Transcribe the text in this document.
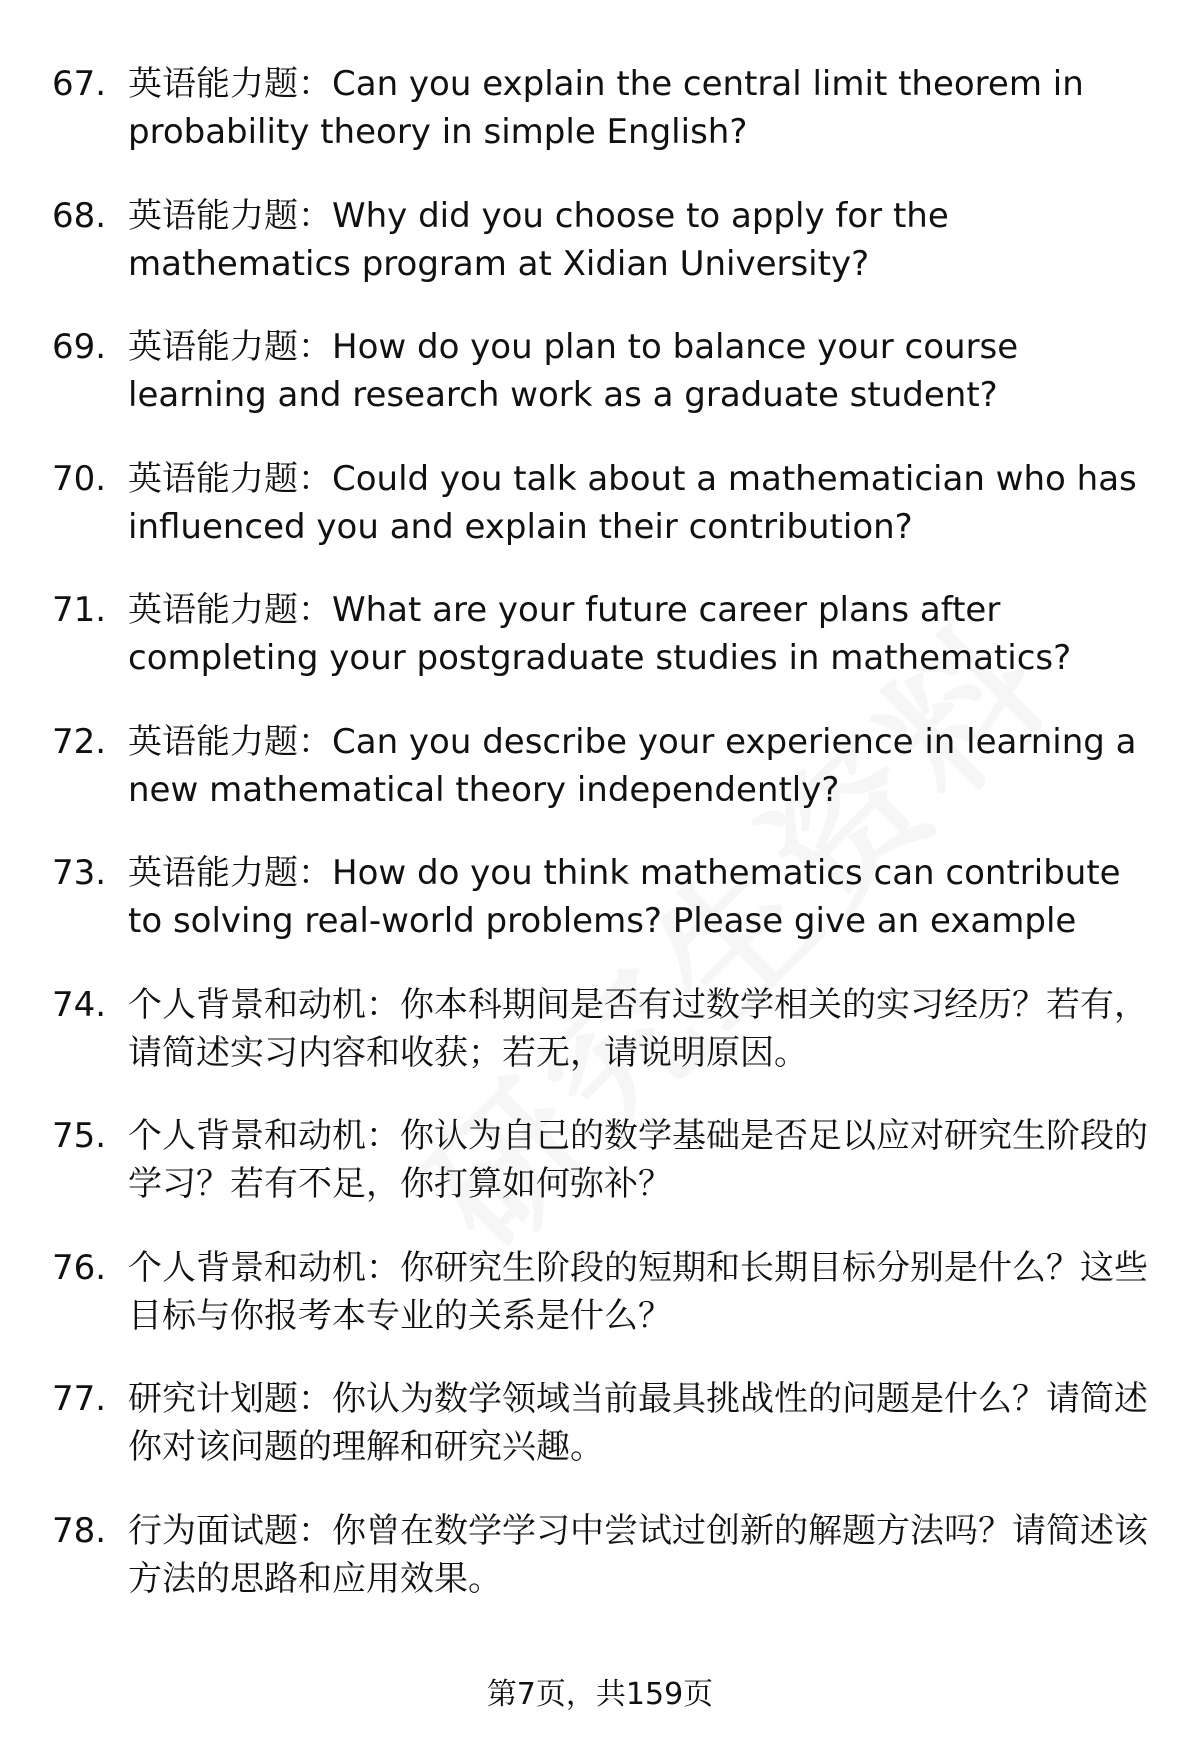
67. 英语能力题：Can you explain the central limit theorem in probability theory in simple English?
68. 英语能力题：Why did you choose to apply for the mathematics program at Xidian University?
69. 英语能力题：How do you plan to balance your course learning and research work as a graduate student?
70. 英语能力题：Could you talk about a mathematician who has influenced you and explain their contribution?
71. 英语能力题：What are your future career plans after completing your postgraduate studies in mathematics?
72. 英语能力题：Can you describe your experience in learning a new mathematical theory independently?
73. 英语能力题：How do you think mathematics can contribute to solving real-world problems? Please give an example
74. 个人背景和动机：你本科期间是否有过数学相关的实习经历？若有，请简述实习内容和收获；若无，请说明原因。
75. 个人背景和动机：你认为自己的数学基础是否足以应对研究生阶段的学习？若有不足，你打算如何弥补？
76. 个人背景和动机：你研究生阶段的短期和长期目标分别是什么？这些目标与你报考本专业的关系是什么？
77. 研究计划题：你认为数学领域当前最具挑战性的问题是什么？请简述你对该问题的理解和研究兴趣。
78. 行为面试题：你曾在数学学习中尝试过创新的解题方法吗？请简述该方法的思路和应用效果。
第7页，共159页
